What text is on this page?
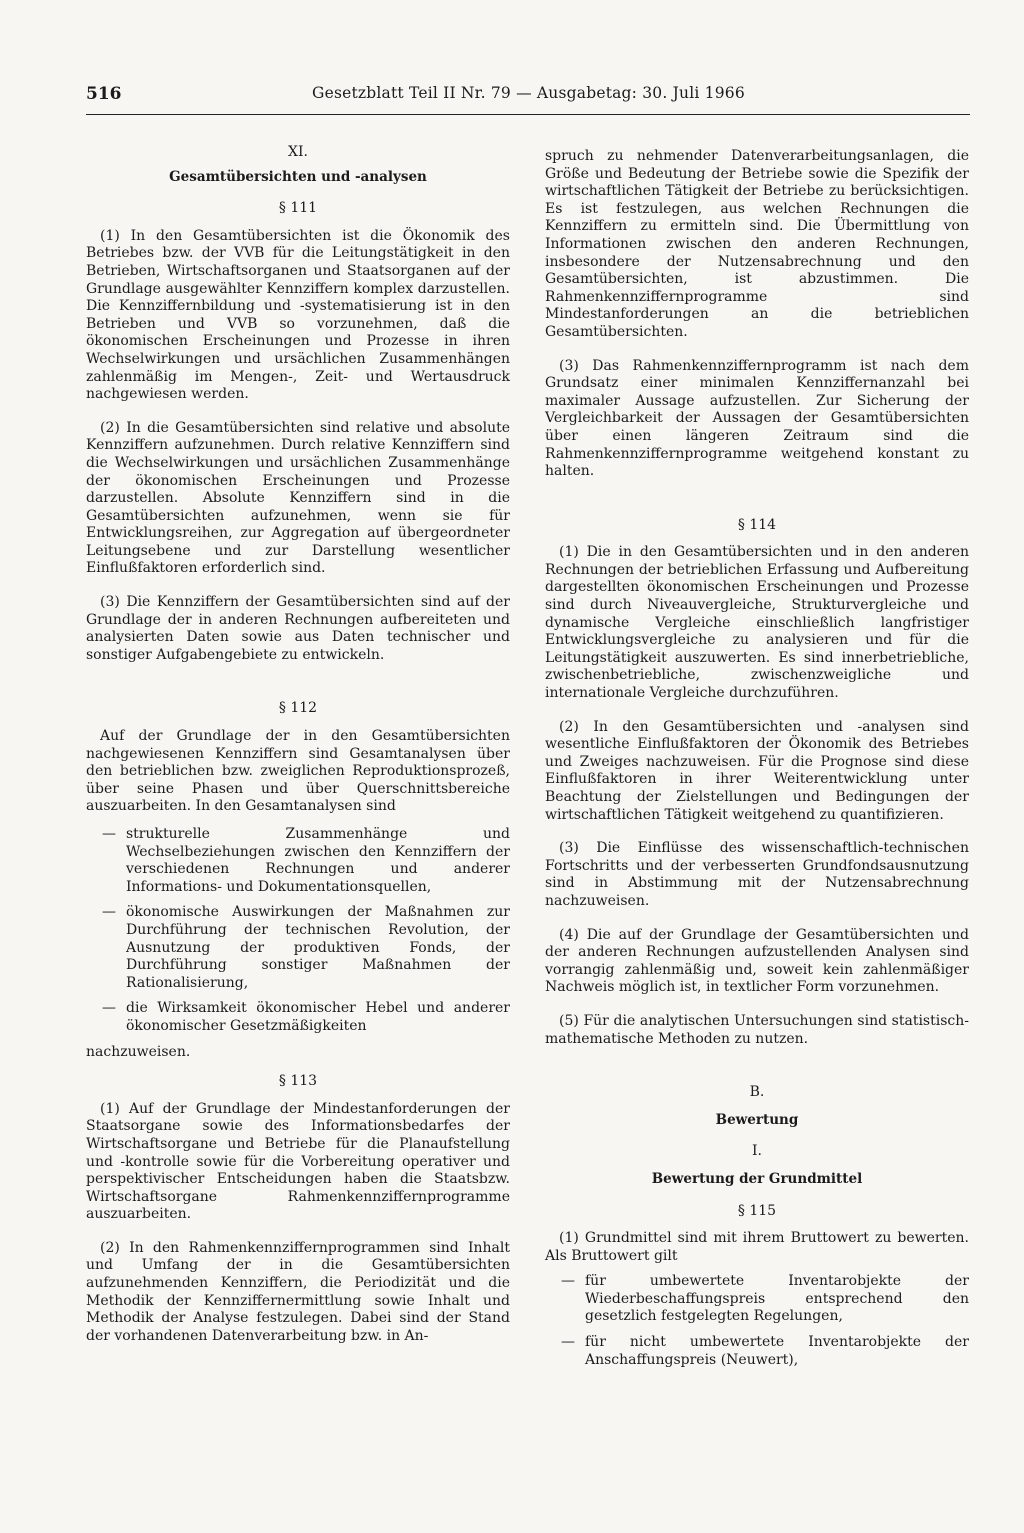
516	Gesetzblatt Teil II Nr. 79 — Ausgabetag: 30. Juli 1966
XI.
Gesamtübersichten und -analysen
§ 111

(1) In den Gesamtübersichten ist die Ökonomik des Betriebes bzw. der VVB für die Leitungstätigkeit in den Betrieben, Wirtschaftsorganen und Staatsorganen auf der Grundlage ausgewählter Kennziffern komplex darzustellen. Die Kennziffernbildung und -systematisierung ist in den Betrieben und VVB so vorzunehmen, daß die ökonomischen Erscheinungen und Prozesse in ihren Wechselwirkungen und ursächlichen Zusammenhängen zahlenmäßig im Mengen-, Zeit- und Wertausdruck nachgewiesen werden.

(2) In die Gesamtübersichten sind relative und absolute Kennziffern aufzunehmen. Durch relative Kennziffern sind die Wechselwirkungen und ursächlichen Zusammenhänge der ökonomischen Erscheinungen und Prozesse darzustellen. Absolute Kennziffern sind in die Gesamtübersichten aufzunehmen, wenn sie für Entwicklungsreihen, zur Aggregation auf übergeordneter Leitungsebene und zur Darstellung wesentlicher Einflußfaktoren erforderlich sind.

(3) Die Kennziffern der Gesamtübersichten sind auf der Grundlage der in anderen Rechnungen aufbereiteten und analysierten Daten sowie aus Daten technischer und sonstiger Aufgabengebiete zu entwickeln.

§ 112

Auf der Grundlage der in den Gesamtübersichten nachgewiesenen Kennziffern sind Gesamtanalysen über den betrieblichen bzw. zweiglichen Reproduktionsprozeß, über seine Phasen und über Querschnittsbereiche auszuarbeiten. In den Gesamtanalysen sind

— strukturelle Zusammenhänge und Wechselbeziehungen zwischen den Kennziffern der verschiedenen Rechnungen und anderer Informations- und Dokumentationsquellen,
— ökonomische Auswirkungen der Maßnahmen zur Durchführung der technischen Revolution, der Ausnutzung der produktiven Fonds, der Durchführung sonstiger Maßnahmen der Rationalisierung,
— die Wirksamkeit ökonomischer Hebel und anderer ökonomischer Gesetzmäßigkeiten

nachzuweisen.

§ 113

(1) Auf der Grundlage der Mindestanforderungen der Staatsorgane sowie des Informationsbedarfes der Wirtschaftsorgane und Betriebe für die Planaufstellung und -kontrolle sowie für die Vorbereitung operativer und perspektivischer Entscheidungen haben die Staatsbzw. Wirtschaftsorgane Rahmenkennziffernprogramme auszuarbeiten.

(2) In den Rahmenkennziffernprogrammen sind Inhalt und Umfang der in die Gesamtübersichten aufzunehmenden Kennziffern, die Periodizität und die Methodik der Kennziffernermittlung sowie Inhalt und Methodik der Analyse festzulegen. Dabei sind der Stand der vorhandenen Datenverarbeitung bzw. in An-

spruch zu nehmender Datenverarbeitungsanlagen, die Größe und Bedeutung der Betriebe sowie die Spezifik der wirtschaftlichen Tätigkeit der Betriebe zu berücksichtigen. Es ist festzulegen, aus welchen Rechnungen die Kennziffern zu ermitteln sind. Die Übermittlung von Informationen zwischen den anderen Rechnungen, insbesondere der Nutzensabrechnung und den Gesamtübersichten, ist abzustimmen. Die Rahmenkennziffernprogramme sind Mindestanforderungen an die betrieblichen Gesamtübersichten.

(3) Das Rahmenkennziffernprogramm ist nach dem Grundsatz einer minimalen Kennziffernanzahl bei maximaler Aussage aufzustellen. Zur Sicherung der Vergleichbarkeit der Aussagen der Gesamtübersichten über einen längeren Zeitraum sind die Rahmenkennziffernprogramme weitgehend konstant zu halten.

§ 114

(1) Die in den Gesamtübersichten und in den anderen Rechnungen der betrieblichen Erfassung und Aufbereitung dargestellten ökonomischen Erscheinungen und Prozesse sind durch Niveauvergleiche, Strukturvergleiche und dynamische Vergleiche einschließlich langfristiger Entwicklungsvergleiche zu analysieren und für die Leitungstätigkeit auszuwerten. Es sind innerbetriebliche, zwischenbetriebliche, zwischenzweigliche und internationale Vergleiche durchzuführen.

(2) In den Gesamtübersichten und -analysen sind wesentliche Einflußfaktoren der Ökonomik des Betriebes und Zweiges nachzuweisen. Für die Prognose sind diese Einflußfaktoren in ihrer Weiterentwicklung unter Beachtung der Zielstellungen und Bedingungen der wirtschaftlichen Tätigkeit weitgehend zu quantifizieren.

(3) Die Einflüsse des wissenschaftlich-technischen Fortschritts und der verbesserten Grundfondsausnutzung sind in Abstimmung mit der Nutzensabrechnung nachzuweisen.

(4) Die auf der Grundlage der Gesamtübersichten und der anderen Rechnungen aufzustellenden Analysen sind vorrangig zahlenmäßig und, soweit kein zahlenmäßiger Nachweis möglich ist, in textlicher Form vorzunehmen.

(5) Für die analytischen Untersuchungen sind statistisch-mathematische Methoden zu nutzen.

B.
Bewertung
I.
Bewertung der Grundmittel
§ 115

(1) Grundmittel sind mit ihrem Bruttowert zu bewerten. Als Bruttowert gilt

— für umbewertete Inventarobjekte der Wiederbeschaffungspreis entsprechend den gesetzlich festgelegten Regelungen,
— für nicht umbewertete Inventarobjekte der Anschaffungspreis (Neuwert),
